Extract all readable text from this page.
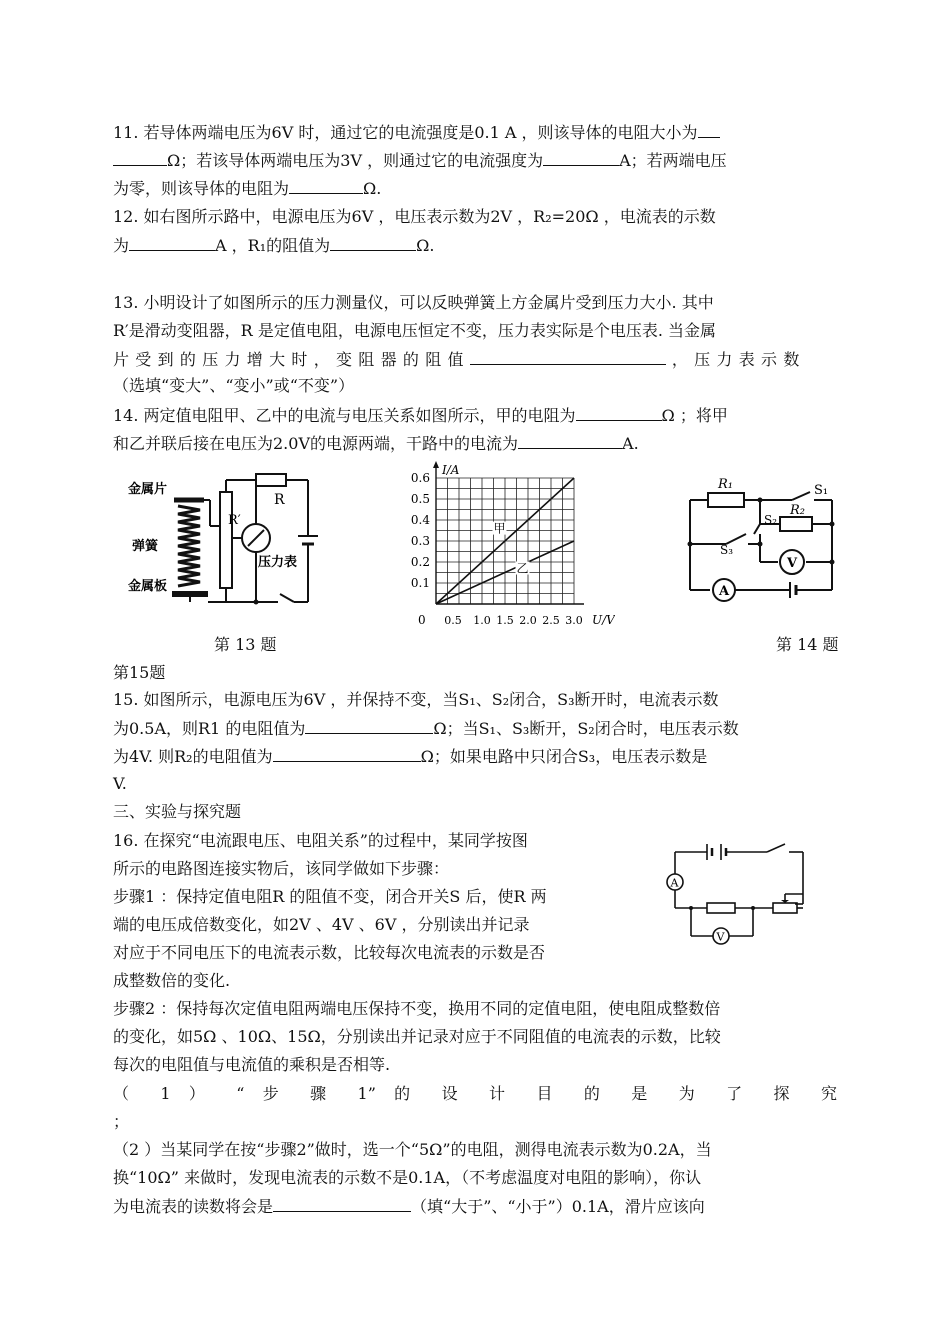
11. 若导体两端电压为6V 时，通过它的电流强度是0.1 A ，则该导体的电阻大小为
Ω；若该导体两端电压为3V ，则通过它的电流强度为	A；若两端电压
为零，则该导体的电阻为	Ω.
12. 如右图所示路中，电源电压为6V ，电压表示数为2V ，R₂=20Ω ，电流表的示数
为	A ，R₁的阻值为	Ω.
13. 小明设计了如图所示的压力测量仪，可以反映弹簧上方金属片受到压力大小. 其中
R′是滑动变阻器，R 是定值电阻，电源电压恒定不变，压力表实际是个电压表. 当金属
片受到的压力增大时，变阻器的阻值	，压力表示数
（选填“变大”、“变小”或“不变”）
14. 两定值电阻甲、乙中的电流与电压关系如图所示，甲的电阻为	Ω ；将甲
和乙并联后接在电压为2.0V的电源两端，干路中的电流为	A.
金属片
弹簧
金属板
R′
R
压力表
I/A
U/V
0
0.1
0.2
0.3
0.4
0.5
0.6
0.5 1.0 1.5 2.0 2.5 3.0
甲
乙
R₁	S₁
S₂
R₂
S₃
V
A
第 13 题	第 14 题
第15题
15. 如图所示，电源电压为6V ，并保持不变，当S₁、S₂闭合，S₃断开时，电流表示数
为0.5A，则R1 的电阻值为	Ω；当S₁、S₃断开，S₂闭合时，电压表示数
为4V. 则R₂的电阻值为	Ω；如果电路中只闭合S₃，电压表示数是
V.
三、实验与探究题
16. 在探究“电流跟电压、电阻关系”的过程中，某同学按图
所示的电路图连接实物后，该同学做如下步骤：
步骤1 ：保持定值电阻R 的阻值不变，闭合开关S 后，使R 两
端的电压成倍数变化，如2V 、4V 、6V ，分别读出并记录
对应于不同电压下的电流表示数，比较每次电流表的示数是否
成整数倍的变化.
A
V
步骤2 ：保持每次定值电阻两端电压保持不变，换用不同的定值电阻，使电阻成整数倍
的变化，如5Ω 、10Ω、15Ω，分别读出并记录对应于不同阻值的电流表的示数，比较
每次的电阻值与电流值的乘积是否相等.
（ 1 ） “ 步 骤 1” 的 设 计 目 的 是 为 了 探 究
；
（2 ）当某同学在按“步骤2”做时，选一个“5Ω”的电阻，测得电流表示数为0.2A，当
换“10Ω” 来做时，发现电流表的示数不是0.1A，（不考虑温度对电阻的影响），你认
为电流表的读数将会是	（填“大于”、“小于”）0.1A，滑片应该向
